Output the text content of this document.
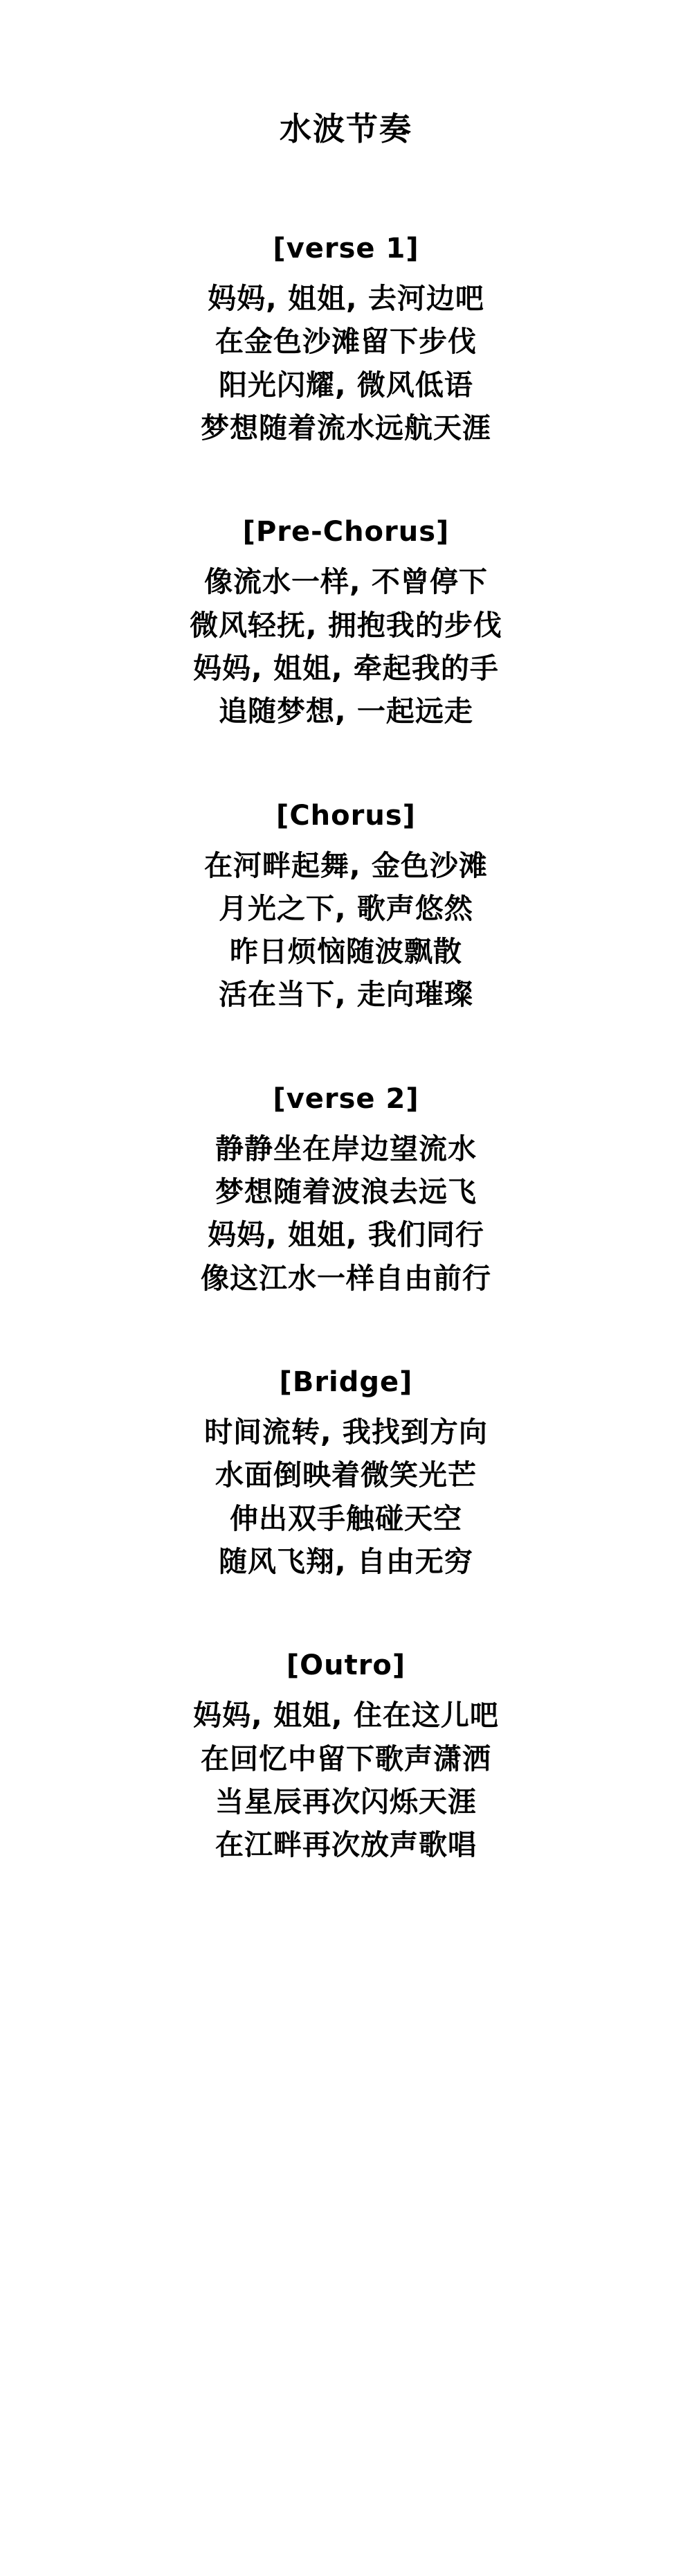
水波节奏
[verse 1]
妈妈, 姐姐, 去河边吧
在金色沙滩留下步伐
阳光闪耀, 微风低语
梦想随着流水远航天涯
[Pre-Chorus]
像流水一样, 不曾停下
微风轻抚, 拥抱我的步伐
妈妈, 姐姐, 牵起我的手
追随梦想, 一起远走
[Chorus]
在河畔起舞, 金色沙滩
月光之下, 歌声悠然
昨日烦恼随波飘散
活在当下, 走向璀璨
[verse 2]
静静坐在岸边望流水
梦想随着波浪去远飞
妈妈, 姐姐, 我们同行
像这江水一样自由前行
[Bridge]
时间流转, 我找到方向
水面倒映着微笑光芒
伸出双手触碰天空
随风飞翔, 自由无穷
[Outro]
妈妈, 姐姐, 住在这儿吧
在回忆中留下歌声潇洒
当星辰再次闪烁天涯
在江畔再次放声歌唱
